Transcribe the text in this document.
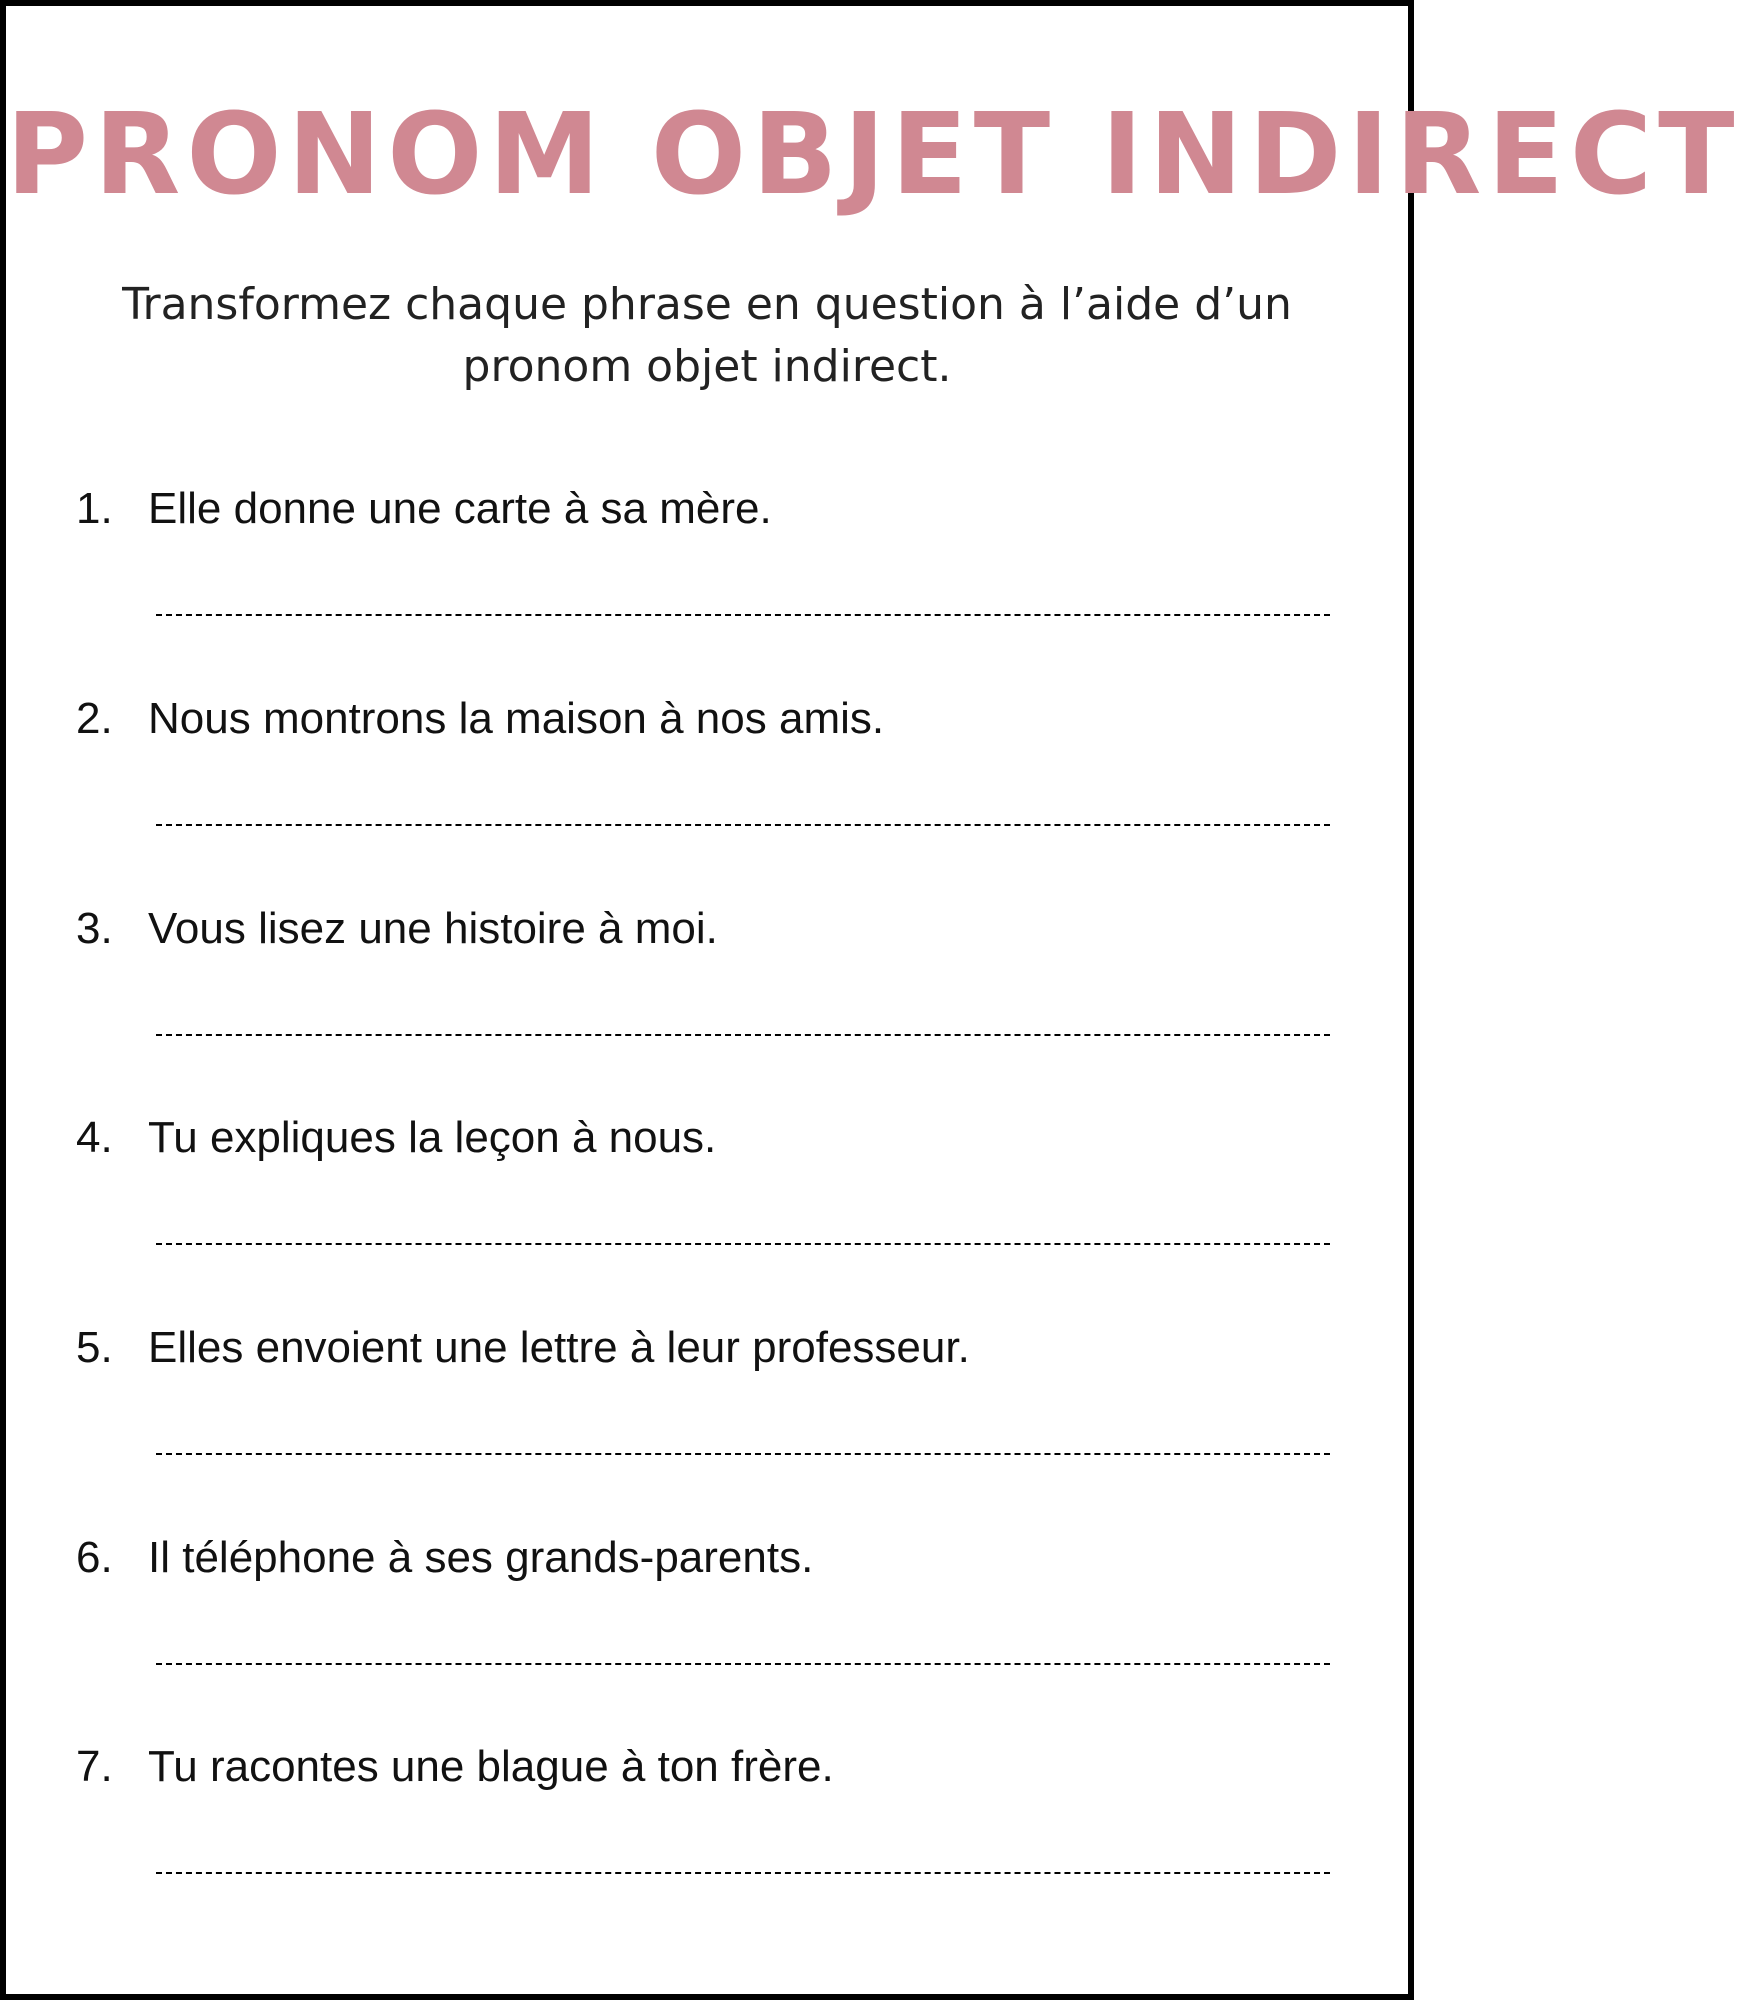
PRONOM OBJET INDIRECT
Transformez chaque phrase en question à l’aide d’un pronom objet indirect.
1. Elle donne une carte à sa mère.
2. Nous montrons la maison à nos amis.
3. Vous lisez une histoire à moi.
4. Tu expliques la leçon à nous.
5. Elles envoient une lettre à leur professeur.
6. Il téléphone à ses grands-parents.
7. Tu racontes une blague à ton frère.
